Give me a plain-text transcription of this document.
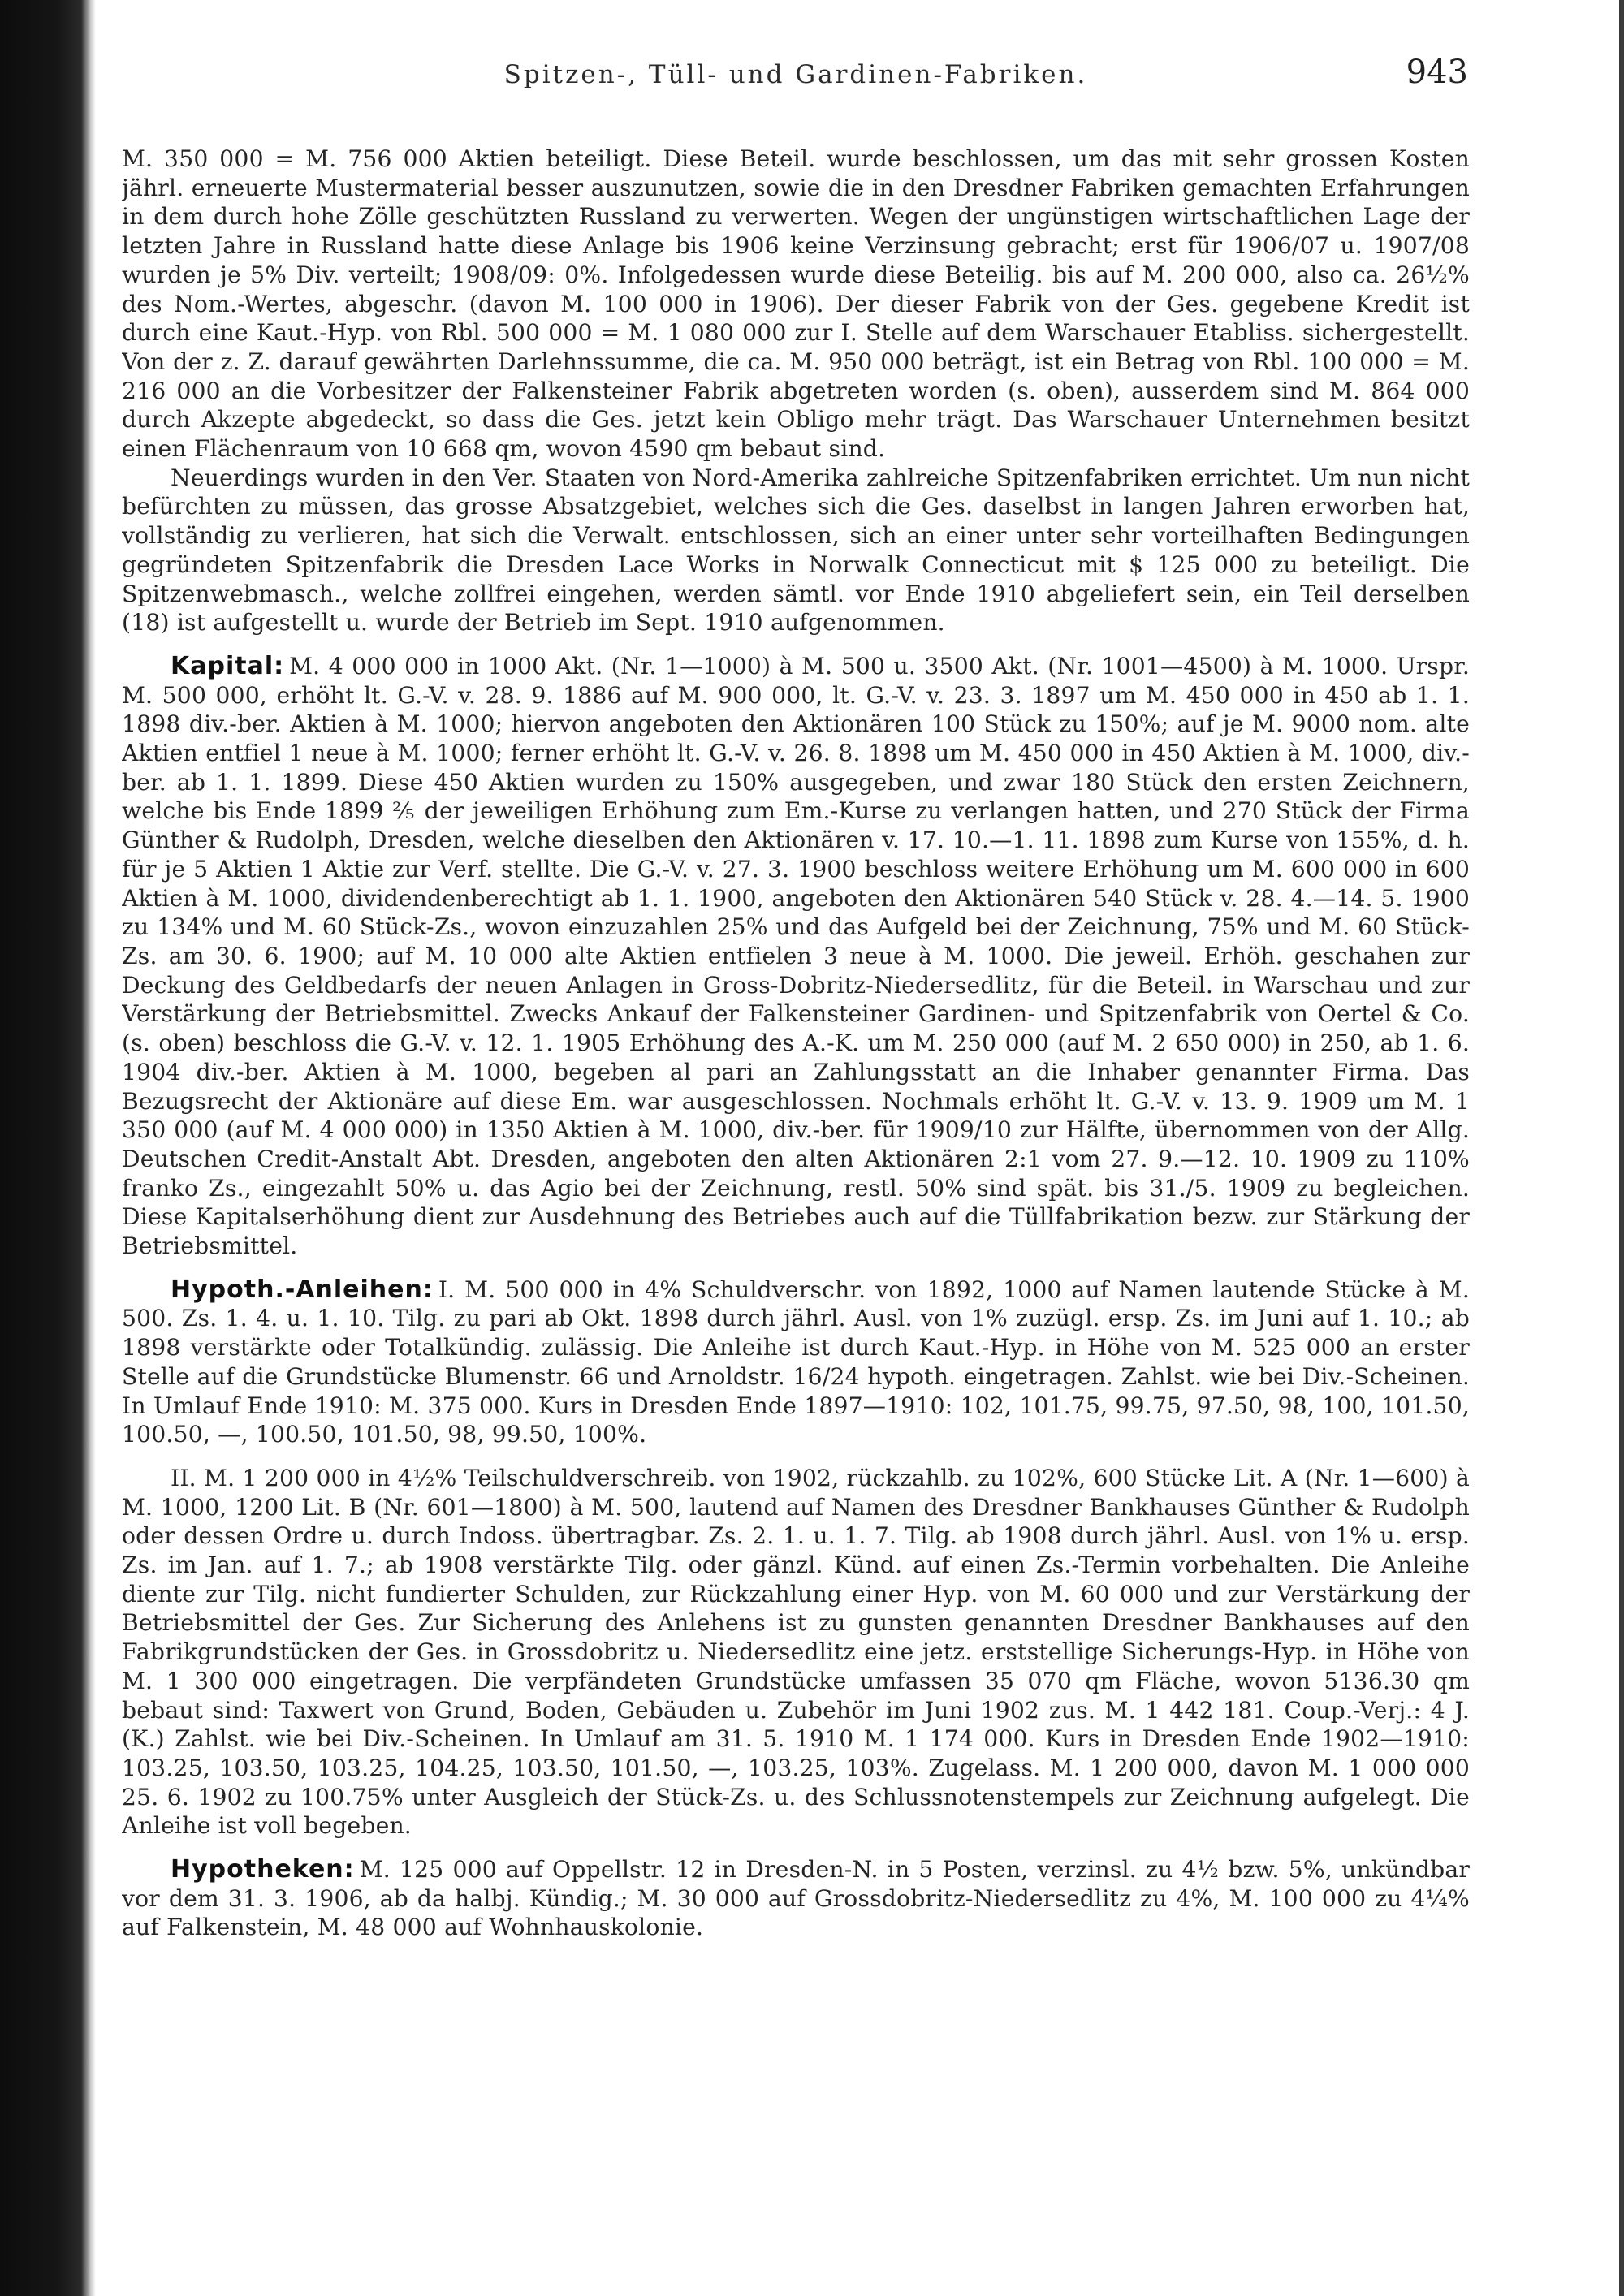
Spitzen-, Tüll- und Gardinen-Fabriken.	943

M. 350 000 = M. 756 000 Aktien beteiligt. Diese Beteil. wurde beschlossen, um das mit sehr grossen Kosten jährl. erneuerte Mustermaterial besser auszunutzen, sowie die in den Dresdner Fabriken gemachten Erfahrungen in dem durch hohe Zölle geschützten Russland zu verwerten. Wegen der ungünstigen wirtschaftlichen Lage der letzten Jahre in Russland hatte diese Anlage bis 1906 keine Verzinsung gebracht; erst für 1906/07 u. 1907/08 wurden je 5% Div. verteilt; 1908/09: 0%. Infolgedessen wurde diese Beteilig. bis auf M. 200 000, also ca. 26½% des Nom.-Wertes, abgeschr. (davon M. 100 000 in 1906). Der dieser Fabrik von der Ges. gegebene Kredit ist durch eine Kaut.-Hyp. von Rbl. 500 000 = M. 1 080 000 zur I. Stelle auf dem Warschauer Etabliss. sichergestellt. Von der z. Z. darauf gewährten Darlehnssumme, die ca. M. 950 000 beträgt, ist ein Betrag von Rbl. 100 000 = M. 216 000 an die Vorbesitzer der Falkensteiner Fabrik abgetreten worden (s. oben), ausserdem sind M. 864 000 durch Akzepte abgedeckt, so dass die Ges. jetzt kein Obligo mehr trägt. Das Warschauer Unternehmen besitzt einen Flächenraum von 10 668 qm, wovon 4590 qm bebaut sind.

Neuerdings wurden in den Ver. Staaten von Nord-Amerika zahlreiche Spitzenfabriken errichtet. Um nun nicht befürchten zu müssen, das grosse Absatzgebiet, welches sich die Ges. daselbst in langen Jahren erworben hat, vollständig zu verlieren, hat sich die Verwalt. entschlossen, sich an einer unter sehr vorteilhaften Bedingungen gegründeten Spitzenfabrik die Dresden Lace Works in Norwalk Connecticut mit $ 125 000 zu beteiligt. Die Spitzenwebmasch., welche zollfrei eingehen, werden sämtl. vor Ende 1910 abgeliefert sein, ein Teil derselben (18) ist aufgestellt u. wurde der Betrieb im Sept. 1910 aufgenommen.

Kapital: M. 4 000 000 in 1000 Akt. (Nr. 1—1000) à M. 500 u. 3500 Akt. (Nr. 1001—4500) à M. 1000. Urspr. M. 500 000, erhöht lt. G.-V. v. 28. 9. 1886 auf M. 900 000, lt. G.-V. v. 23. 3. 1897 um M. 450 000 in 450 ab 1. 1. 1898 div.-ber. Aktien à M. 1000; hiervon angeboten den Aktionären 100 Stück zu 150%; auf je M. 9000 nom. alte Aktien entfiel 1 neue à M. 1000; ferner erhöht lt. G.-V. v. 26. 8. 1898 um M. 450 000 in 450 Aktien à M. 1000, div.-ber. ab 1. 1. 1899. Diese 450 Aktien wurden zu 150% ausgegeben, und zwar 180 Stück den ersten Zeichnern, welche bis Ende 1899 ⅖ der jeweiligen Erhöhung zum Em.-Kurse zu verlangen hatten, und 270 Stück der Firma Günther & Rudolph, Dresden, welche dieselben den Aktionären v. 17. 10.—1. 11. 1898 zum Kurse von 155%, d. h. für je 5 Aktien 1 Aktie zur Verf. stellte. Die G.-V. v. 27. 3. 1900 beschloss weitere Erhöhung um M. 600 000 in 600 Aktien à M. 1000, dividendenberechtigt ab 1. 1. 1900, angeboten den Aktionären 540 Stück v. 28. 4.—14. 5. 1900 zu 134% und M. 60 Stück-Zs., wovon einzuzahlen 25% und das Aufgeld bei der Zeichnung, 75% und M. 60 Stück-Zs. am 30. 6. 1900; auf M. 10 000 alte Aktien entfielen 3 neue à M. 1000. Die jeweil. Erhöh. geschahen zur Deckung des Geldbedarfs der neuen Anlagen in Gross-Dobritz-Niedersedlitz, für die Beteil. in Warschau und zur Verstärkung der Betriebsmittel. Zwecks Ankauf der Falkensteiner Gardinen- und Spitzenfabrik von Oertel & Co. (s. oben) beschloss die G.-V. v. 12. 1. 1905 Erhöhung des A.-K. um M. 250 000 (auf M. 2 650 000) in 250, ab 1. 6. 1904 div.-ber. Aktien à M. 1000, begeben al pari an Zahlungsstatt an die Inhaber genannter Firma. Das Bezugsrecht der Aktionäre auf diese Em. war ausgeschlossen. Nochmals erhöht lt. G.-V. v. 13. 9. 1909 um M. 1 350 000 (auf M. 4 000 000) in 1350 Aktien à M. 1000, div.-ber. für 1909/10 zur Hälfte, übernommen von der Allg. Deutschen Credit-Anstalt Abt. Dresden, angeboten den alten Aktionären 2:1 vom 27. 9.—12. 10. 1909 zu 110% franko Zs., eingezahlt 50% u. das Agio bei der Zeichnung, restl. 50% sind spät. bis 31./5. 1909 zu begleichen. Diese Kapitalserhöhung dient zur Ausdehnung des Betriebes auch auf die Tüllfabrikation bezw. zur Stärkung der Betriebsmittel.

Hypoth.-Anleihen: I. M. 500 000 in 4% Schuldverschr. von 1892, 1000 auf Namen lautende Stücke à M. 500. Zs. 1. 4. u. 1. 10. Tilg. zu pari ab Okt. 1898 durch jährl. Ausl. von 1% zuzügl. ersp. Zs. im Juni auf 1. 10.; ab 1898 verstärkte oder Totalkündig. zulässig. Die Anleihe ist durch Kaut.-Hyp. in Höhe von M. 525 000 an erster Stelle auf die Grundstücke Blumenstr. 66 und Arnoldstr. 16/24 hypoth. eingetragen. Zahlst. wie bei Div.-Scheinen. In Umlauf Ende 1910: M. 375 000. Kurs in Dresden Ende 1897—1910: 102, 101.75, 99.75, 97.50, 98, 100, 101.50, 100.50, —, 100.50, 101.50, 98, 99.50, 100%.

II. M. 1 200 000 in 4½% Teilschuldverschreib. von 1902, rückzahlb. zu 102%, 600 Stücke Lit. A (Nr. 1—600) à M. 1000, 1200 Lit. B (Nr. 601—1800) à M. 500, lautend auf Namen des Dresdner Bankhauses Günther & Rudolph oder dessen Ordre u. durch Indoss. übertragbar. Zs. 2. 1. u. 1. 7. Tilg. ab 1908 durch jährl. Ausl. von 1% u. ersp. Zs. im Jan. auf 1. 7.; ab 1908 verstärkte Tilg. oder gänzl. Künd. auf einen Zs.-Termin vorbehalten. Die Anleihe diente zur Tilg. nicht fundierter Schulden, zur Rückzahlung einer Hyp. von M. 60 000 und zur Verstärkung der Betriebsmittel der Ges. Zur Sicherung des Anlehens ist zu gunsten genannten Dresdner Bankhauses auf den Fabrikgrundstücken der Ges. in Grossdobritz u. Niedersedlitz eine jetz. erststellige Sicherungs-Hyp. in Höhe von M. 1 300 000 eingetragen. Die verpfändeten Grundstücke umfassen 35 070 qm Fläche, wovon 5136.30 qm bebaut sind: Taxwert von Grund, Boden, Gebäuden u. Zubehör im Juni 1902 zus. M. 1 442 181. Coup.-Verj.: 4 J. (K.) Zahlst. wie bei Div.-Scheinen. In Umlauf am 31. 5. 1910 M. 1 174 000. Kurs in Dresden Ende 1902—1910: 103.25, 103.50, 103.25, 104.25, 103.50, 101.50, —, 103.25, 103%. Zugelass. M. 1 200 000, davon M. 1 000 000 25. 6. 1902 zu 100.75% unter Ausgleich der Stück-Zs. u. des Schlussnotenstempels zur Zeichnung aufgelegt. Die Anleihe ist voll begeben.

Hypotheken: M. 125 000 auf Oppellstr. 12 in Dresden-N. in 5 Posten, verzinsl. zu 4½ bzw. 5%, unkündbar vor dem 31. 3. 1906, ab da halbj. Kündig.; M. 30 000 auf Grossdobritz-Niedersedlitz zu 4%, M. 100 000 zu 4¼% auf Falkenstein, M. 48 000 auf Wohnhauskolonie.
